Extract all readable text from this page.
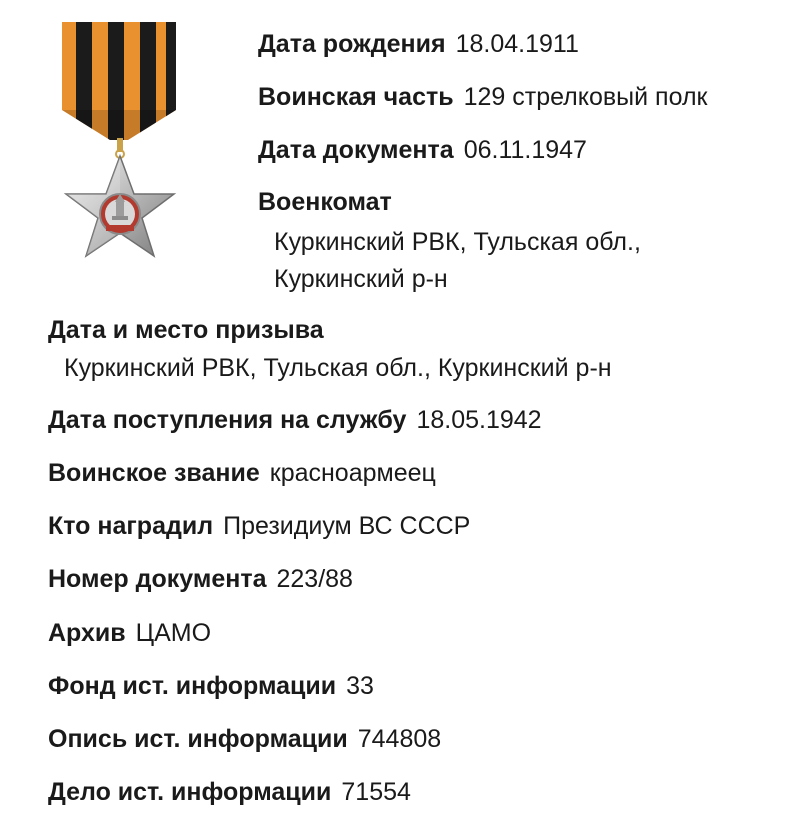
Дата рождения 18.04.1911
Воинская часть 129 стрелковый полк
Дата документа 06.11.1947
Военкомат
Куркинский РВК, Тульская обл.,
Куркинский р-н
Дата и место призыва
Куркинский РВК, Тульская обл., Куркинский р-н
Дата поступления на службу 18.05.1942
Воинское звание красноармеец
Кто наградил Президиум ВС СССР
Номер документа 223/88
Архив ЦАМО
Фонд ист. информации 33
Опись ист. информации 744808
Дело ист. информации 71554
